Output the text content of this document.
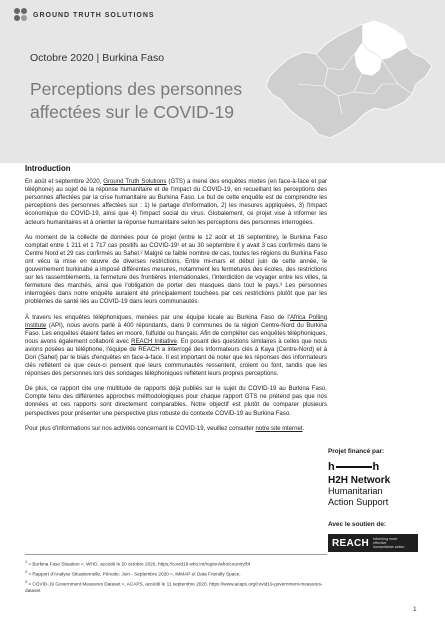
GROUND TRUTH SOLUTIONS
Octobre 2020 | Burkina Faso
Perceptions des personnes affectées sur le COVID-19
Introduction

En août et septembre 2020, Ground Truth Solutions (GTS) a mené des enquêtes mixtes (en face-à-face et par téléphone) au sujet de la réponse humanitaire et de l'impact du COVID-19, en recueillant les perceptions des personnes affectées par la crise humanitaire au Burkina Faso. Le but de cette enquête est de comprendre les perceptions des personnes affectées sur : 1) le partage d'information, 2) les mesures appliquées, 3) l'impact économique du COVID-19, ainsi que 4) l'impact social du virus. Globalement, ce projet vise à informer les acteurs humanitaires et à orienter la réponse humanitaire selon les perceptions des personnes interrogées.

Au moment de la collecte de données pour ce projet (entre le 12 août et 16 septembre), le Burkina Faso comptait entre 1 211 et 1 717 cas positifs au COVID-19¹ et au 30 septembre il y avait 3 cas confirmés dans le Centre Nord et 29 cas confirmés au Sahel.² Malgré ce faible nombre de cas, toutes les régions du Burkina Faso ont vécu la mise en œuvre de diverses restrictions. Entre mi-mars et début juin de cette année, le gouvernement burkinabé a imposé différentes mesures, notamment les fermetures des écoles, des restrictions sur les rassemblements, la fermeture des frontières internationales, l'interdiction de voyager entre les villes, la fermeture des marchés, ainsi que l'obligation de porter des masques dans tout le pays.³ Les personnes interrogées dans notre enquête auraient été principalement touchées par ces restrictions plutôt que par les problèmes de santé liés au COVID-19 dans leurs communautés.

À travers les enquêtes téléphoniques, menées par une équipe locale au Burkina Faso de l'Africa Polling Institute (API), nous avons parlé à 400 répondants, dans 9 communes de la région Centre-Nord du Burkina Faso. Les enquêtes étaient faites en mooré, fulfulde ou français. Afin de compléter ces enquêtes téléphoniques, nous avons également collaboré avec REACH Initiative. En posant des questions similaires à celles que nous avions posées au téléphone, l'équipe de REACH a interrogé des informateurs clés à Kaya (Centre-Nord) et à Dori (Sahel) par le biais d'enquêtes en face-à-face. Il est important de noter que les réponses des informateurs clés reflètent ce que ceux-ci pensent que leurs communautés ressentent, croient ou font, tandis que les réponses des personnes lors des sondages téléphoniques reflètent leurs propres perceptions.

De plus, ce rapport cite une multitude de rapports déjà publiés sur le sujet du COVID-19 au Burkina Faso. Compte tenu des différentes approches méthodologiques pour chaque rapport GTS ne prétend pas que nos données et ces rapports sont directement comparables. Notre objectif est plutôt de comparer plusieurs perspectives pour présenter une perspective plus robuste du contexte COVID-19 au Burkina Faso.

Pour plus d'informations sur nos activités concernant le COVID-19, veuillez consulter notre site internet.

Projet financé par:
h	h
H2H Network
Humanitarian
Action Support
Avec le soutien de:
REACH Informing more effective humanitarian action
$^1$ « Burkina Faso Situation », WHO, accédé le 20 octobre 2020, https://covid19.who.int/region/afro/country/bf
$^2$ « Rapport d'Analyse Situationnelle, Période: Juin - Septembre 2020 », iMMAP et Data Friendly Space.
$^3$ « COVID-19 Government Measures Dataset », ACAPS, accédé le 11 septembre 2020, https://www.acaps.org/covid19-government-measures-dataset
1
